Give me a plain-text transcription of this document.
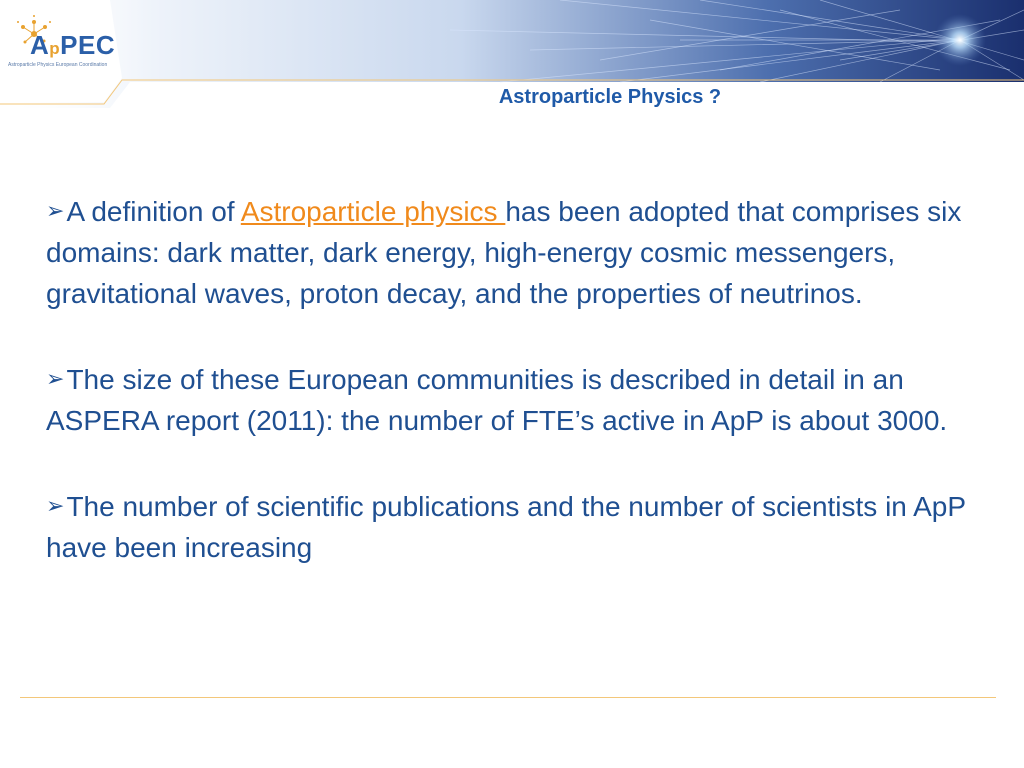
ApPEC
Astroparticle Physics European Coordination
Astroparticle Physics ?

➢A definition of Astroparticle physics has been adopted that comprises six domains: dark matter, dark energy, high-energy cosmic messengers, gravitational waves, proton decay, and the properties of neutrinos.

➢The size of these European communities is described in detail in an ASPERA report (2011): the number of FTE’s active in ApP is about 3000.

➢The number of scientific publications and the number of scientists in ApP have been increasing
